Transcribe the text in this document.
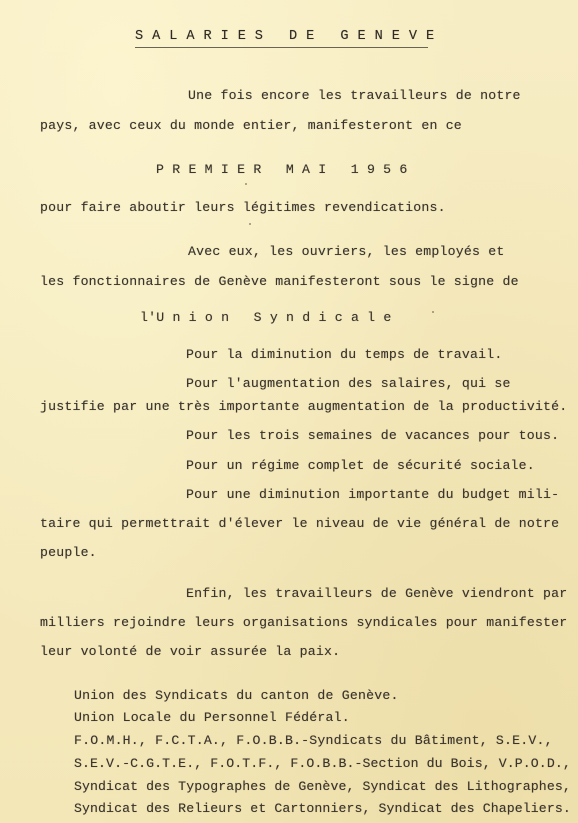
S A L A R I E S   D E   G E N E V E
Une fois encore les travailleurs de notre
pays, avec ceux du monde entier, manifesteront en ce
P R E M I E R   M A I   1 9 5 6
pour faire aboutir leurs légitimes revendications.
Avec eux, les ouvriers, les employés et
les fonctionnaires de Genève manifesteront sous le signe de
l'U n i o n   S y n d i c a l e
Pour la diminution du temps de travail.
Pour l'augmentation des salaires, qui se
justifie par une très importante augmentation de la productivité.
Pour les trois semaines de vacances pour tous.
Pour un régime complet de sécurité sociale.
Pour une diminution importante du budget mili-
taire qui permettrait d'élever le niveau de vie général de notre
peuple.
Enfin, les travailleurs de Genève viendront par
milliers rejoindre leurs organisations syndicales pour manifester
leur volonté de voir assurée la paix.
Union des Syndicats du canton de Genève.
Union Locale du Personnel Fédéral.
F.O.M.H., F.C.T.A., F.O.B.B.-Syndicats du Bâtiment, S.E.V.,
S.E.V.-C.G.T.E., F.O.T.F., F.O.B.B.-Section du Bois, V.P.O.D.,
Syndicat des Typographes de Genève, Syndicat des Lithographes,
Syndicat des Relieurs et Cartonniers, Syndicat des Chapeliers.
